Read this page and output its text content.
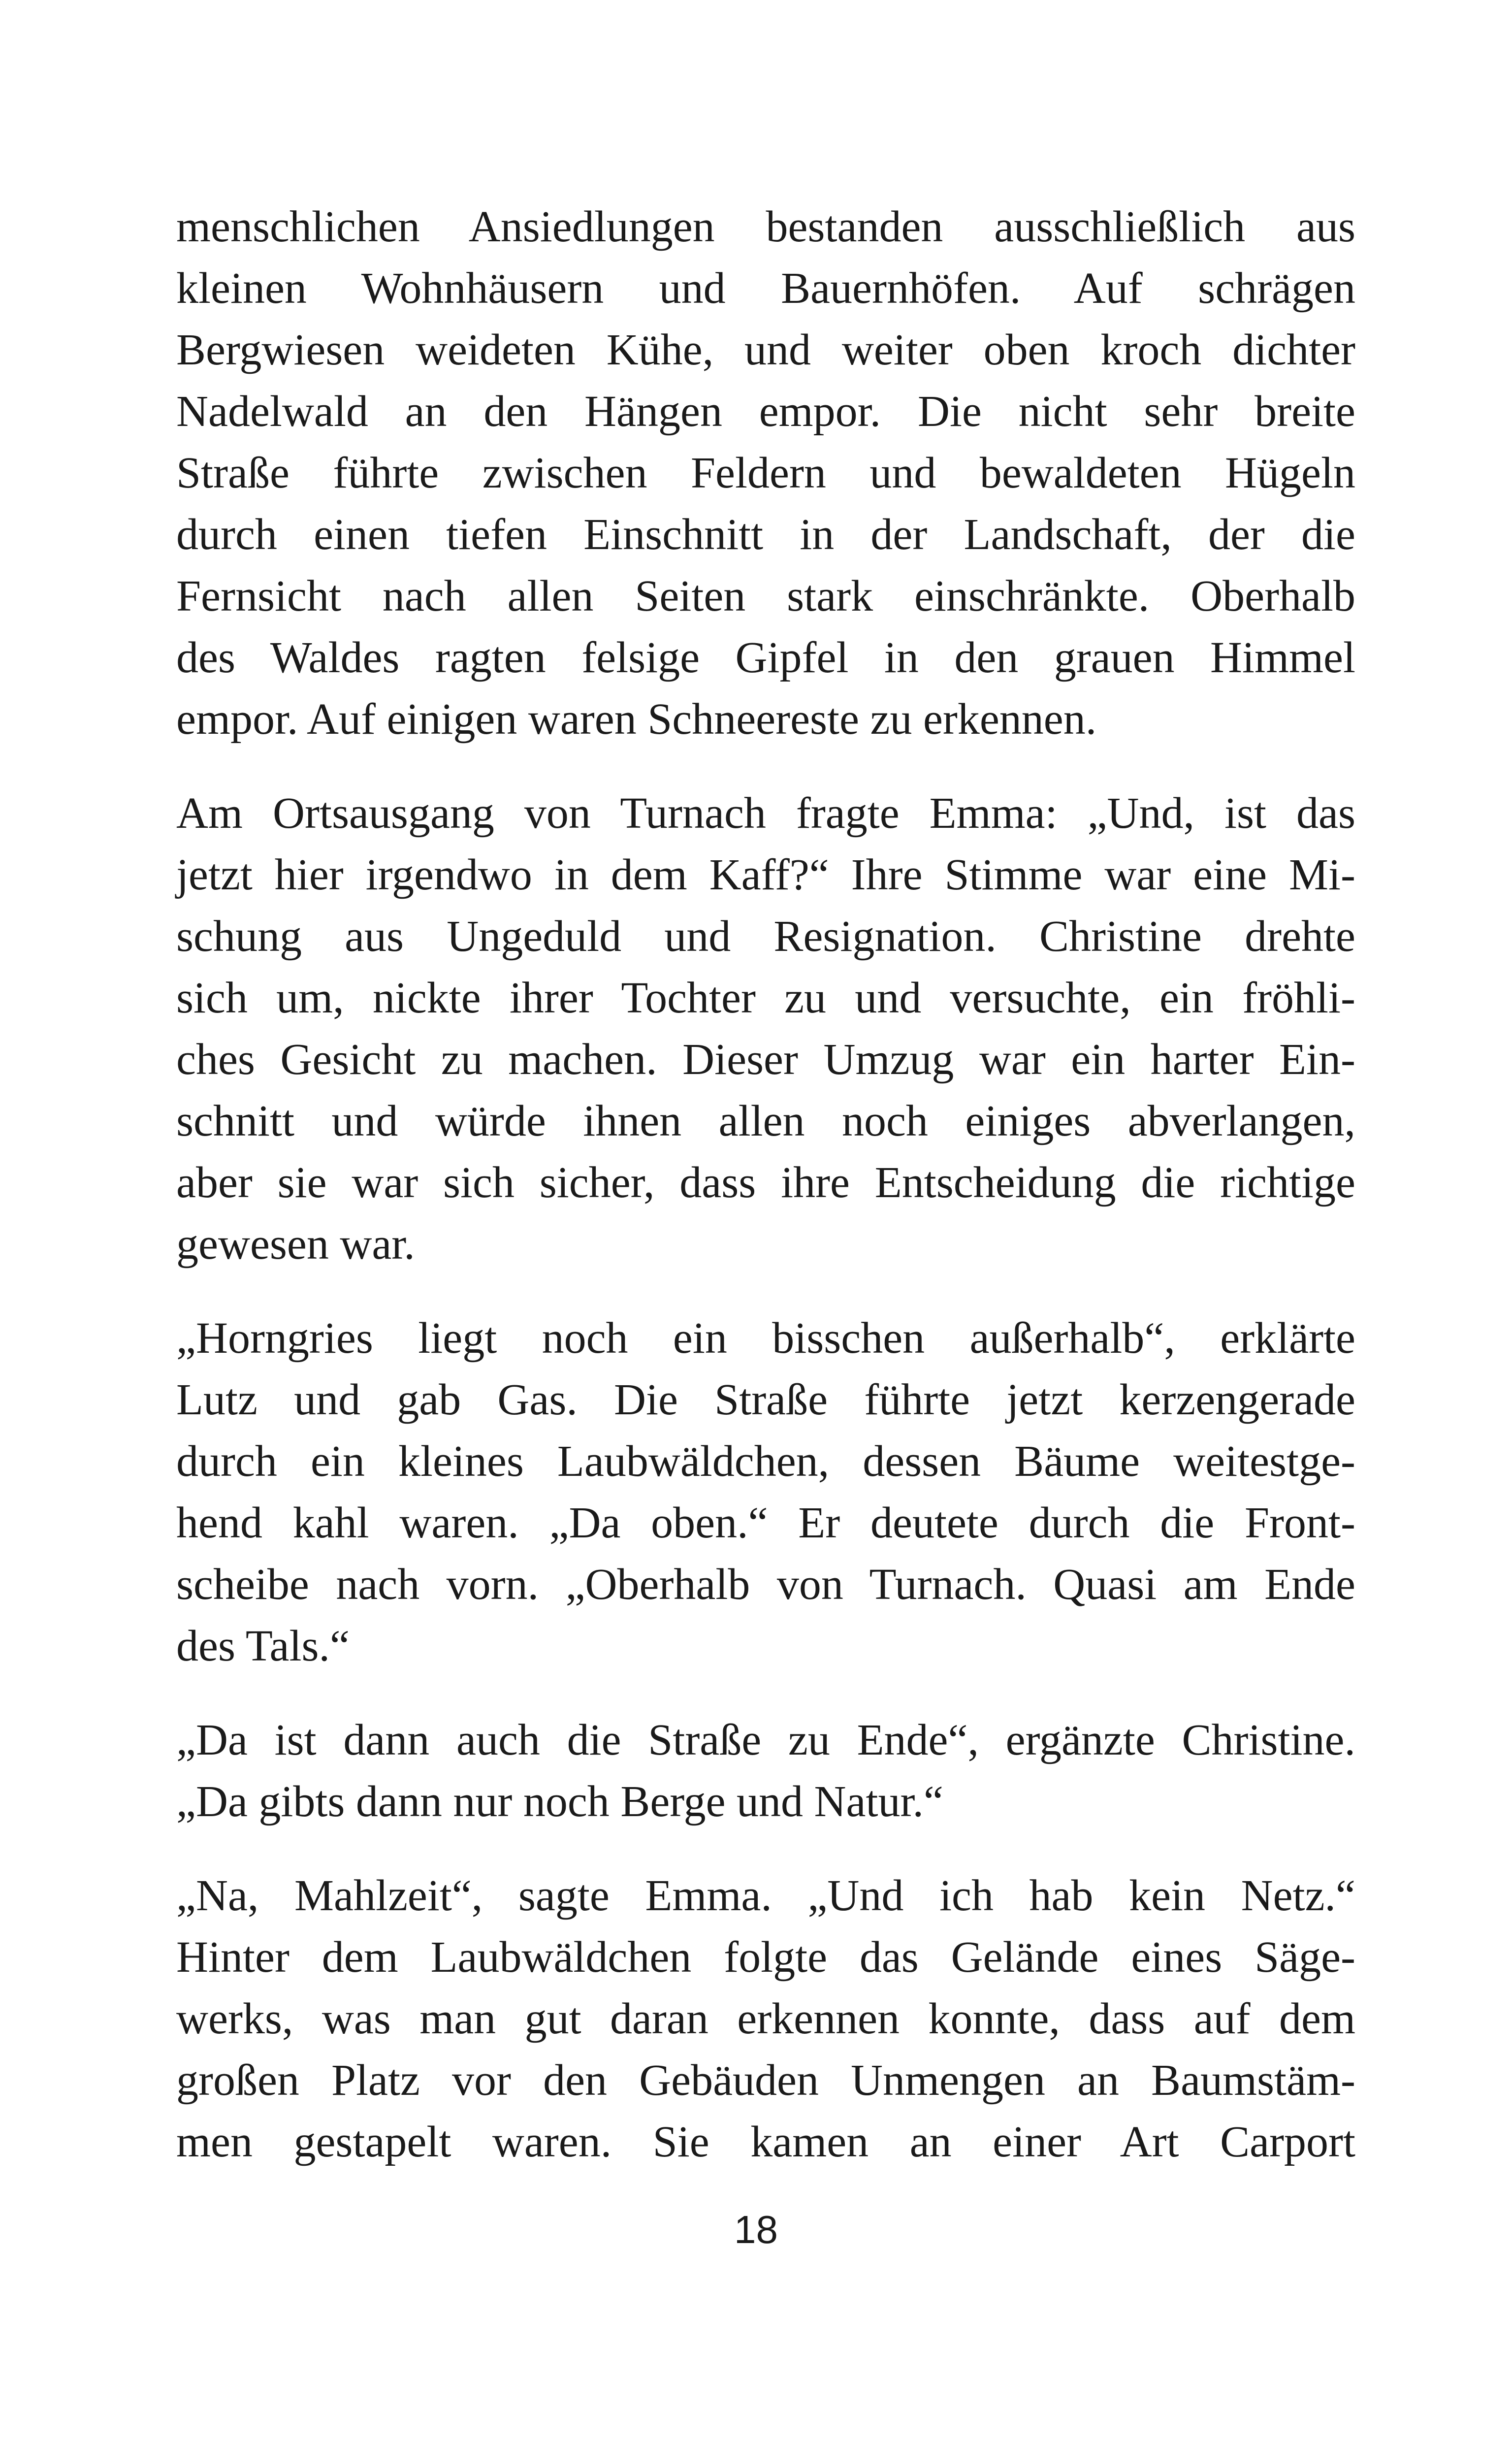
menschlichen Ansiedlungen bestanden ausschließlich aus
kleinen Wohnhäusern und Bauernhöfen. Auf schrägen
Bergwiesen weideten Kühe, und weiter oben kroch dichter
Nadelwald an den Hängen empor. Die nicht sehr breite
Straße führte zwischen Feldern und bewaldeten Hügeln
durch einen tiefen Einschnitt in der Landschaft, der die
Fernsicht nach allen Seiten stark einschränkte. Oberhalb
des Waldes ragten felsige Gipfel in den grauen Himmel
empor. Auf einigen waren Schneereste zu erkennen.

Am Ortsausgang von Turnach fragte Emma: „Und, ist das
jetzt hier irgendwo in dem Kaff?“ Ihre Stimme war eine Mi-
schung aus Ungeduld und Resignation. Christine drehte
sich um, nickte ihrer Tochter zu und versuchte, ein fröhli-
ches Gesicht zu machen. Dieser Umzug war ein harter Ein-
schnitt und würde ihnen allen noch einiges abverlangen,
aber sie war sich sicher, dass ihre Entscheidung die richtige
gewesen war.

„Horngries liegt noch ein bisschen außerhalb“, erklärte
Lutz und gab Gas. Die Straße führte jetzt kerzengerade
durch ein kleines Laubwäldchen, dessen Bäume weitestge-
hend kahl waren. „Da oben.“ Er deutete durch die Front-
scheibe nach vorn. „Oberhalb von Turnach. Quasi am Ende
des Tals.“

„Da ist dann auch die Straße zu Ende“, ergänzte Christine.
„Da gibts dann nur noch Berge und Natur.“

„Na, Mahlzeit“, sagte Emma. „Und ich hab kein Netz.“
Hinter dem Laubwäldchen folgte das Gelände eines Säge-
werks, was man gut daran erkennen konnte, dass auf dem
großen Platz vor den Gebäuden Unmengen an Baumstäm-
men gestapelt waren. Sie kamen an einer Art Carport

18
